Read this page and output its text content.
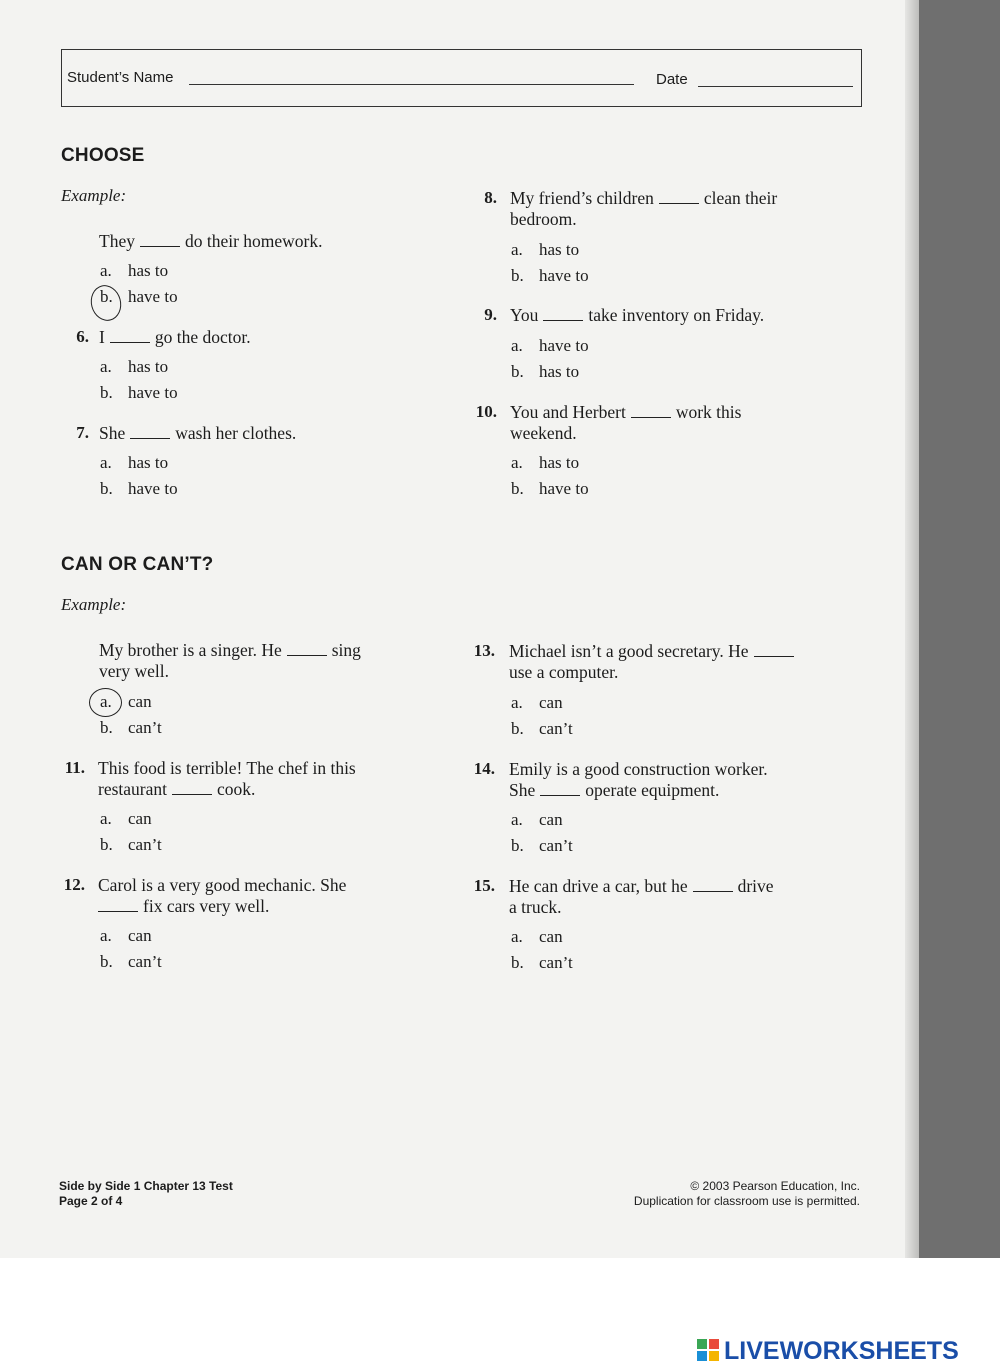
Student’s Name	Date
CHOOSE
Example:
They	do their homework.
a. has to
b. have to
6. I	go the doctor.
a. has to
b. have to
7. She	wash her clothes.
a. has to
b. have to
8. My friend’s children	clean their
bedroom.
a. has to
b. have to
9. You	take inventory on Friday.
a. have to
b. has to
10. You and Herbert	work this
weekend.
a. has to
b. have to
CAN OR CAN’T?
Example:
My brother is a singer. He	sing
very well.
a. can
b. can’t
11. This food is terrible! The chef in this
restaurant	cook.
a. can
b. can’t
12. Carol is a very good mechanic. She
fix cars very well.
a. can
b. can’t
13. Michael isn’t a good secretary. He
use a computer.
a. can
b. can’t
14. Emily is a good construction worker.
She	operate equipment.
a. can
b. can’t
15. He can drive a car, but he	drive
a truck.
a. can
b. can’t
Side by Side 1 Chapter 13 Test
Page 2 of 4
© 2003 Pearson Education, Inc.
Duplication for classroom use is permitted.
LIVEWORKSHEETS
